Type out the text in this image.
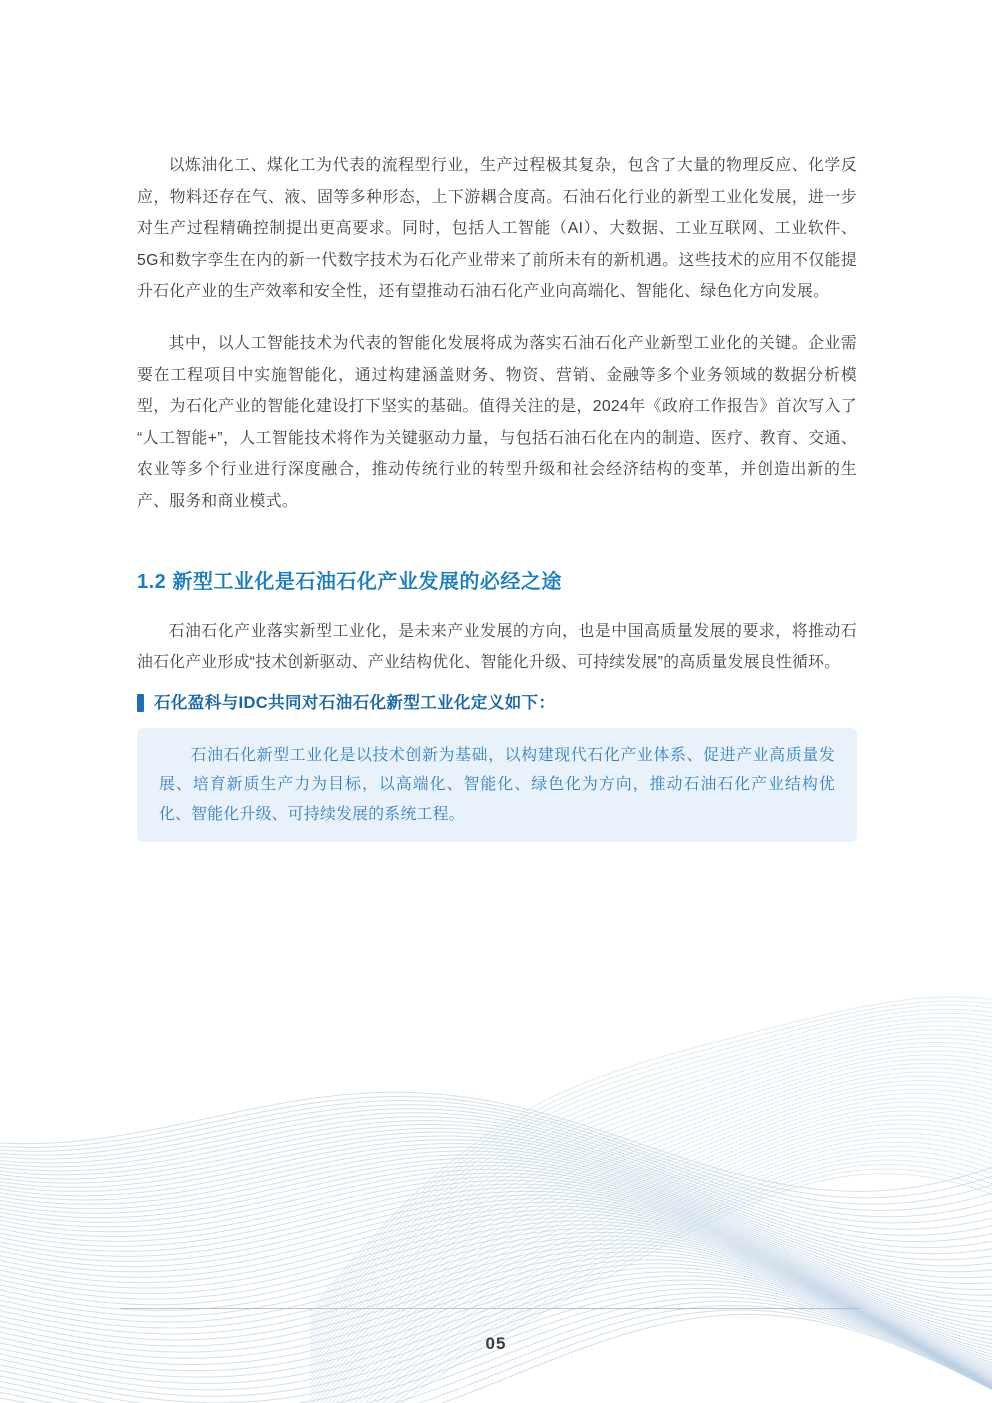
以炼油化工、煤化工为代表的流程型行业，生产过程极其复杂，包含了大量的物理反应、化学反应，物料还存在气、液、固等多种形态，上下游耦合度高。石油石化行业的新型工业化发展，进一步对生产过程精确控制提出更高要求。同时，包括人工智能（AI）、大数据、工业互联网、工业软件、5G和数字孪生在内的新一代数字技术为石化产业带来了前所未有的新机遇。这些技术的应用不仅能提升石化产业的生产效率和安全性，还有望推动石油石化产业向高端化、智能化、绿色化方向发展。

其中，以人工智能技术为代表的智能化发展将成为落实石油石化产业新型工业化的关键。企业需要在工程项目中实施智能化，通过构建涵盖财务、物资、营销、金融等多个业务领域的数据分析模型，为石化产业的智能化建设打下坚实的基础。值得关注的是，2024年《政府工作报告》首次写入了“人工智能+”，人工智能技术将作为关键驱动力量，与包括石油石化在内的制造、医疗、教育、交通、农业等多个行业进行深度融合，推动传统行业的转型升级和社会经济结构的变革，并创造出新的生产、服务和商业模式。

1.2 新型工业化是石油石化产业发展的必经之途

石油石化产业落实新型工业化，是未来产业发展的方向，也是中国高质量发展的要求，将推动石油石化产业形成“技术创新驱动、产业结构优化、智能化升级、可持续发展”的高质量发展良性循环。

石化盈科与IDC共同对石油石化新型工业化定义如下：

石油石化新型工业化是以技术创新为基础，以构建现代石化产业体系、促进产业高质量发展、培育新质生产力为目标，以高端化、智能化、绿色化为方向，推动石油石化产业结构优化、智能化升级、可持续发展的系统工程。

05
